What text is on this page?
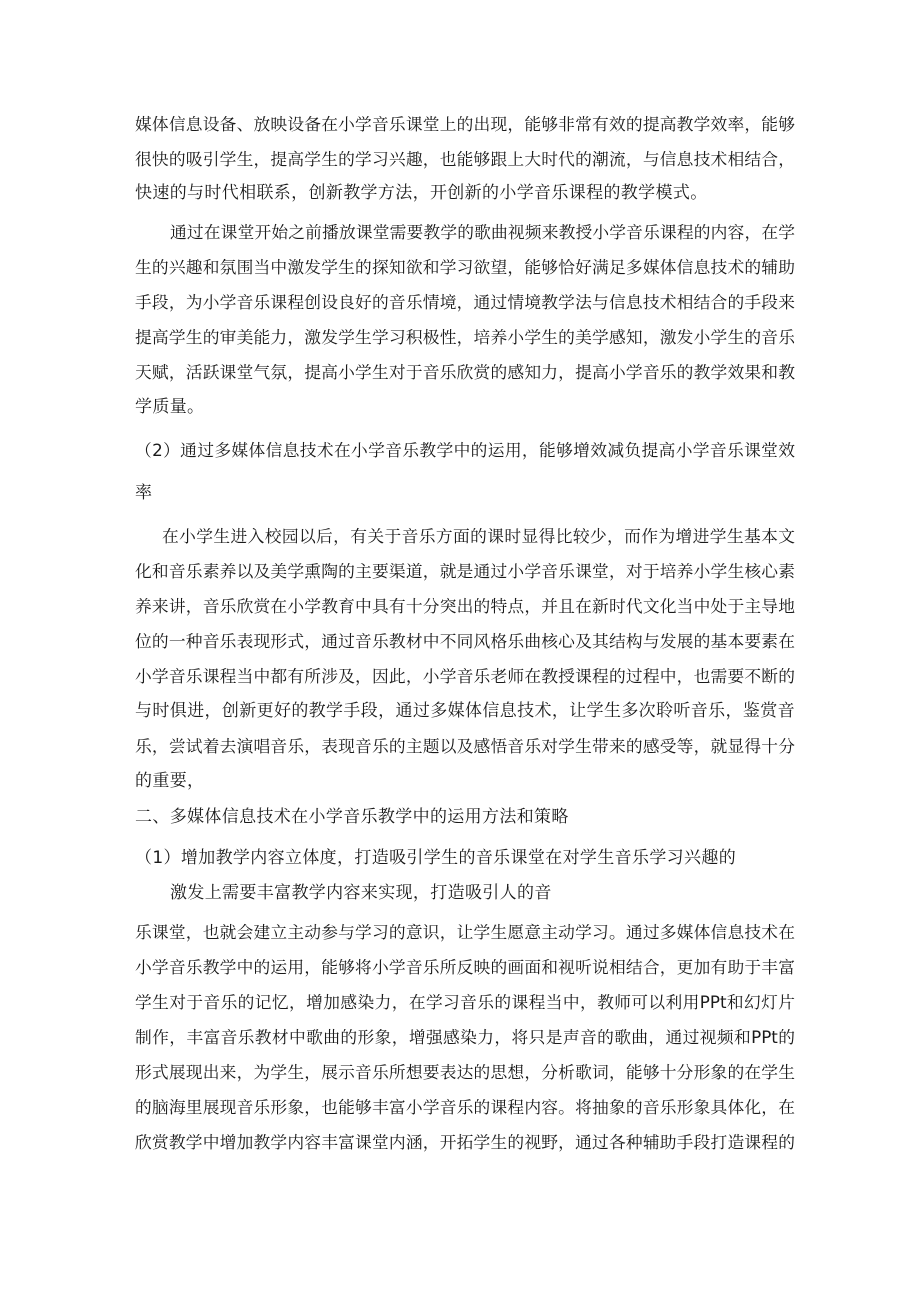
媒体信息设备、放映设备在小学音乐课堂上的出现，能够非常有效的提高教学效率，能够
很快的吸引学生，提高学生的学习兴趣，也能够跟上大时代的潮流，与信息技术相结合，
快速的与时代相联系，创新教学方法，开创新的小学音乐课程的教学模式。
通过在课堂开始之前播放课堂需要教学的歌曲视频来教授小学音乐课程的内容，在学
生的兴趣和氛围当中激发学生的探知欲和学习欲望，能够恰好满足多媒体信息技术的辅助
手段，为小学音乐课程创设良好的音乐情境，通过情境教学法与信息技术相结合的手段来
提高学生的审美能力，激发学生学习积极性，培养小学生的美学感知，激发小学生的音乐
天赋，活跃课堂气氛，提高小学生对于音乐欣赏的感知力，提高小学音乐的教学效果和教
学质量。
（2）通过多媒体信息技术在小学音乐教学中的运用，能够增效减负提高小学音乐课堂效
率
在小学生进入校园以后，有关于音乐方面的课时显得比较少，而作为增进学生基本文
化和音乐素养以及美学熏陶的主要渠道，就是通过小学音乐课堂，对于培养小学生核心素
养来讲，音乐欣赏在小学教育中具有十分突出的特点，并且在新时代文化当中处于主导地
位的一种音乐表现形式，通过音乐教材中不同风格乐曲核心及其结构与发展的基本要素在
小学音乐课程当中都有所涉及，因此，小学音乐老师在教授课程的过程中，也需要不断的
与时俱进，创新更好的教学手段，通过多媒体信息技术，让学生多次聆听音乐，鉴赏音
乐，尝试着去演唱音乐，表现音乐的主题以及感悟音乐对学生带来的感受等，就显得十分
的重要，
二、多媒体信息技术在小学音乐教学中的运用方法和策略
（1）增加教学内容立体度，打造吸引学生的音乐课堂在对学生音乐学习兴趣的
激发上需要丰富教学内容来实现，打造吸引人的音
乐课堂，也就会建立主动参与学习的意识，让学生愿意主动学习。通过多媒体信息技术在
小学音乐教学中的运用，能够将小学音乐所反映的画面和视听说相结合，更加有助于丰富
学生对于音乐的记忆，增加感染力，在学习音乐的课程当中，教师可以利用PPt和幻灯片
制作，丰富音乐教材中歌曲的形象，增强感染力，将只是声音的歌曲，通过视频和PPt的
形式展现出来，为学生，展示音乐所想要表达的思想，分析歌词，能够十分形象的在学生
的脑海里展现音乐形象，也能够丰富小学音乐的课程内容。将抽象的音乐形象具体化，在
欣赏教学中增加教学内容丰富课堂内涵，开拓学生的视野，通过各种辅助手段打造课程的
